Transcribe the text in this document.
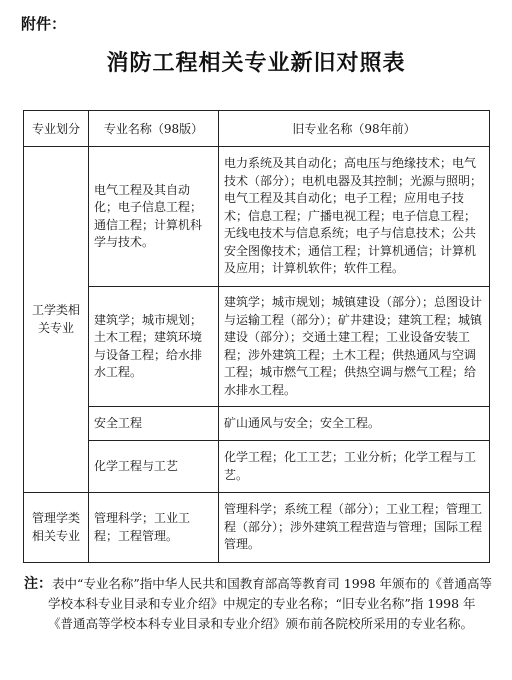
附件：
消防工程相关专业新旧对照表
专业划分	专业名称（98版）	旧专业名称（98年前）
工学类相关专业	电气工程及其自动化；电子信息工程；通信工程；计算机科学与技术。	电力系统及其自动化；高电压与绝缘技术；电气技术（部分）；电机电器及其控制；光源与照明；电气工程及其自动化；电子工程；应用电子技术；信息工程；广播电视工程；电子信息工程；无线电技术与信息系统；电子与信息技术；公共安全图像技术；通信工程；计算机通信；计算机及应用；计算机软件；软件工程。
	建筑学；城市规划；土木工程；建筑环境与设备工程；给水排水工程。	建筑学；城市规划；城镇建设（部分）；总图设计与运输工程（部分）；矿井建设；建筑工程；城镇建设（部分）；交通土建工程；工业设备安装工程；涉外建筑工程；土木工程；供热通风与空调工程；城市燃气工程；供热空调与燃气工程；给水排水工程。
	安全工程	矿山通风与安全；安全工程。
	化学工程与工艺	化学工程；化工工艺；工业分析；化学工程与工艺。
管理学类相关专业	管理科学；工业工程；工程管理。	管理科学；系统工程（部分）；工业工程；管理工程（部分）；涉外建筑工程营造与管理；国际工程管理。
注： 表中“专业名称”指中华人民共和国教育部高等教育司 1998 年颁布的《普通高等学校本科专业目录和专业介绍》中规定的专业名称；“旧专业名称”指 1998 年《普通高等学校本科专业目录和专业介绍》颁布前各院校所采用的专业名称。
